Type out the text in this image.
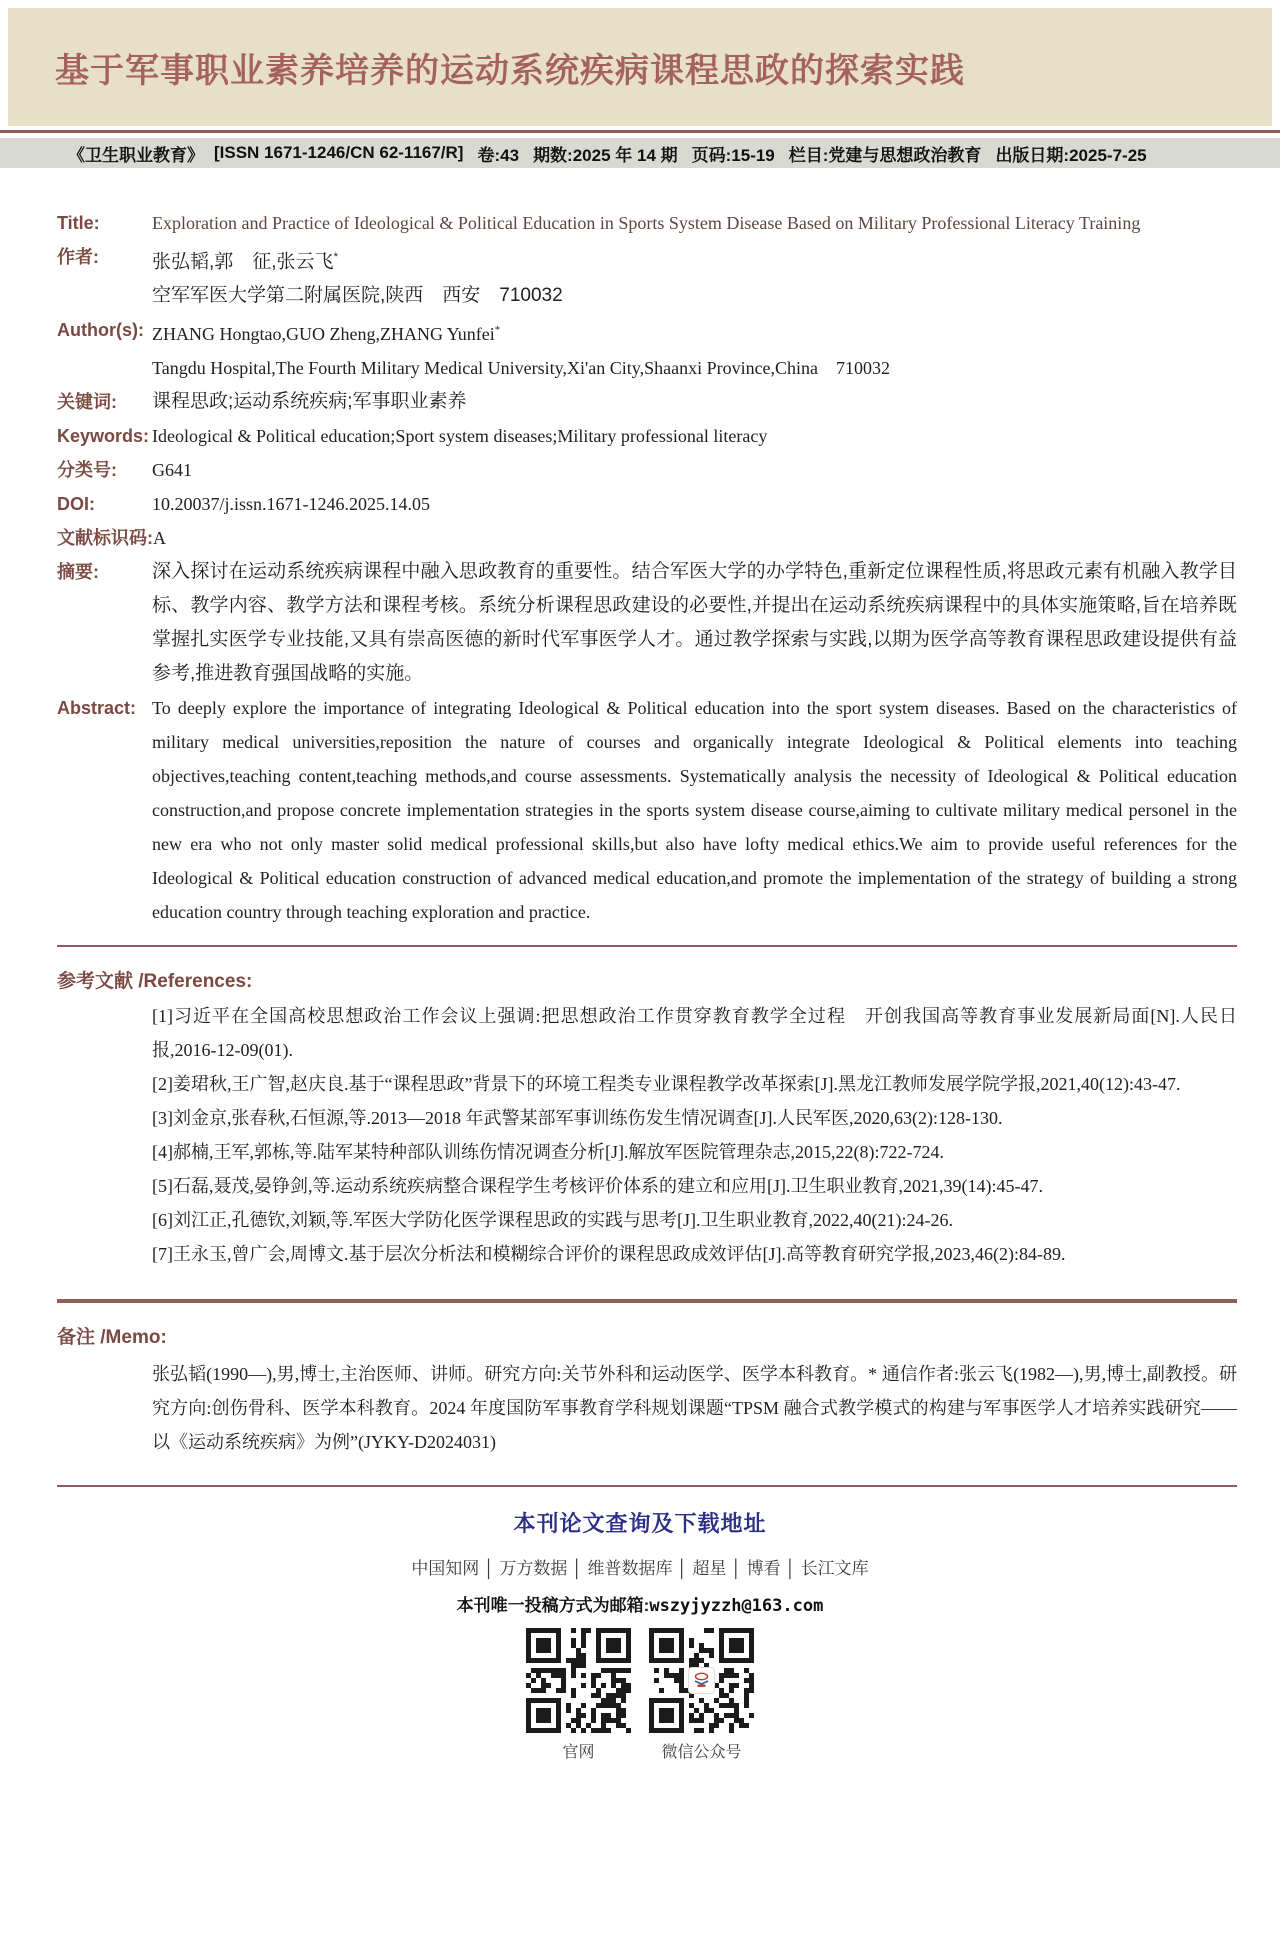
基于军事职业素养培养的运动系统疾病课程思政的探索实践
《卫生职业教育》 [ISSN 1671-1246/CN 62-1167/R] 卷:43 期数:2025 年 14 期 页码:15-19 栏目:党建与思想政治教育 出版日期:2025-7-25
Title:	Exploration and Practice of Ideological & Political Education in Sports System Disease Based on Military Professional Literacy Training
作者:	张弘韬,郭　征,张云飞*
空军军医大学第二附属医院,陕西　西安　710032
Author(s): ZHANG Hongtao,GUO Zheng,ZHANG Yunfei*
Tangdu Hospital,The Fourth Military Medical University,Xi'an City,Shaanxi Province,China　710032
关键词:	课程思政;运动系统疾病;军事职业素养
Keywords: Ideological & Political education;Sport system diseases;Military professional literacy
分类号:	G641
DOI:	10.20037/j.issn.1671-1246.2025.14.05
文献标识码: A
摘要:	深入探讨在运动系统疾病课程中融入思政教育的重要性。结合军医大学的办学特色,重新定位课程性质,将思政元素有机融入教学目标、教学内容、教学方法和课程考核。系统分析课程思政建设的必要性,并提出在运动系统疾病课程中的具体实施策略,旨在培养既掌握扎实医学专业技能,又具有崇高医德的新时代军事医学人才。通过教学探索与实践,以期为医学高等教育课程思政建设提供有益参考,推进教育强国战略的实施。
Abstract: To deeply explore the importance of integrating Ideological & Political education into the sport system diseases. Based on the characteristics of military medical universities,reposition the nature of courses and organically integrate Ideological & Political elements into teaching objectives,teaching content,teaching methods,and course assessments. Systematically analysis the necessity of Ideological & Political education construction,and propose concrete implementation strategies in the sports system disease course,aiming to cultivate military medical personel in the new era who not only master solid medical professional skills,but also have lofty medical ethics.We aim to provide useful references for the Ideological & Political education construction of advanced medical education,and promote the implementation of the strategy of building a strong education country through teaching exploration and practice.
参考文献 /References:
[1]习近平在全国高校思想政治工作会议上强调:把思想政治工作贯穿教育教学全过程　开创我国高等教育事业发展新局面[N].人民日报,2016-12-09(01).
[2]姜珺秋,王广智,赵庆良.基于“课程思政”背景下的环境工程类专业课程教学改革探索[J].黑龙江教师发展学院学报,2021,40(12):43-47.
[3]刘金京,张春秋,石恒源,等.2013—2018 年武警某部军事训练伤发生情况调查[J].人民军医,2020,63(2):128-130.
[4]郝楠,王军,郭栋,等.陆军某特种部队训练伤情况调查分析[J].解放军医院管理杂志,2015,22(8):722-724.
[5]石磊,聂茂,晏铮剑,等.运动系统疾病整合课程学生考核评价体系的建立和应用[J].卫生职业教育,2021,39(14):45-47.
[6]刘江正,孔德钦,刘颖,等.军医大学防化医学课程思政的实践与思考[J].卫生职业教育,2022,40(21):24-26.
[7]王永玉,曾广会,周博文.基于层次分析法和模糊综合评价的课程思政成效评估[J].高等教育研究学报,2023,46(2):84-89.
备注 /Memo:
张弘韬(1990—),男,博士,主治医师、讲师。研究方向:关节外科和运动医学、医学本科教育。* 通信作者:张云飞(1982—),男,博士,副教授。研究方向:创伤骨科、医学本科教育。2024 年度国防军事教育学科规划课题“TPSM 融合式教学模式的构建与军事医学人才培养实践研究——以《运动系统疾病》为例”(JYKY-D2024031)
本刊论文查询及下载地址
中国知网 │ 万方数据 │ 维普数据库 │ 超星 │ 博看 │ 长江文库
本刊唯一投稿方式为邮箱:wszyjyzzh@163.com
官网	微信公众号
